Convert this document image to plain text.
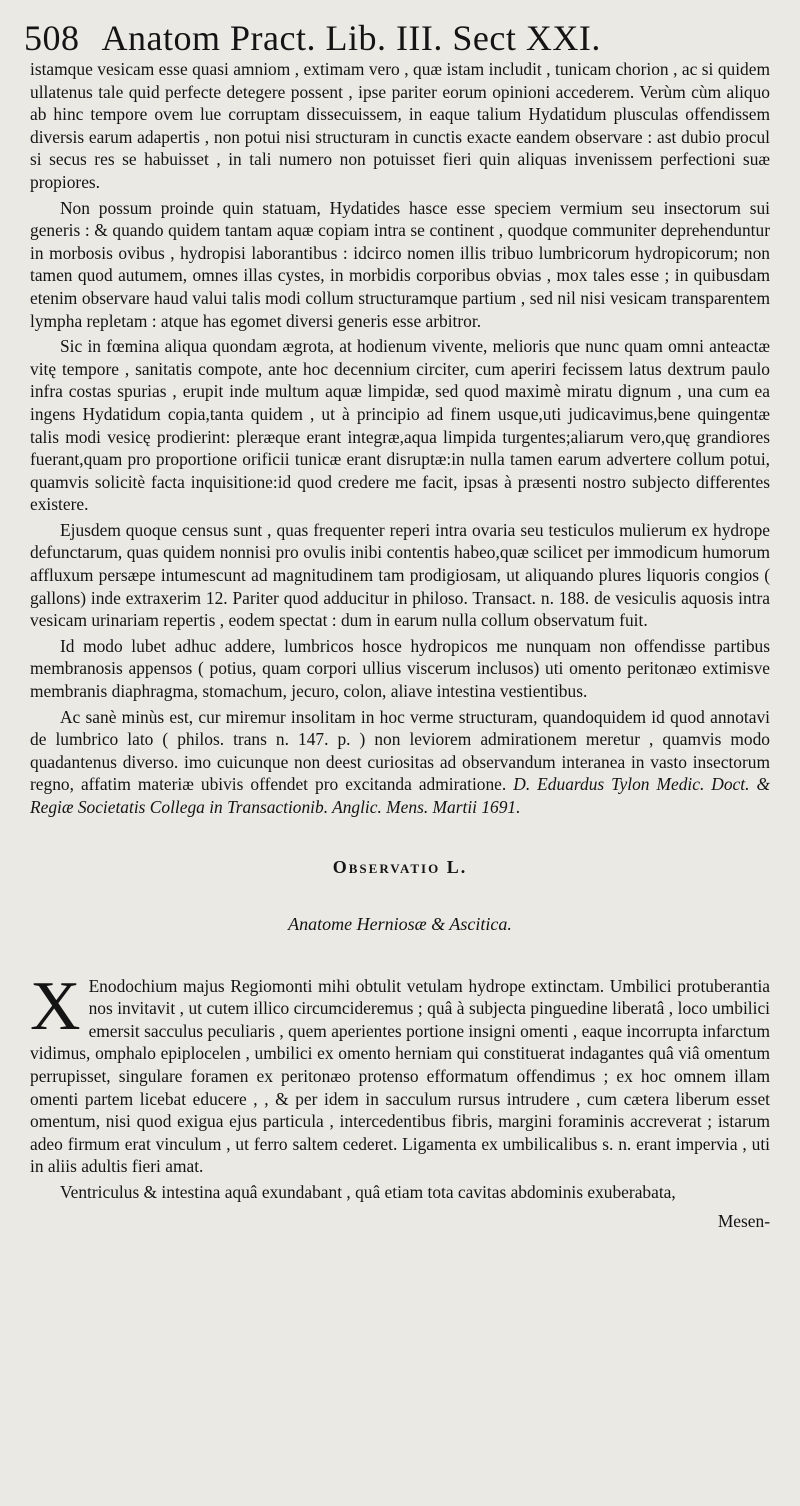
508 Anatom Pract. Lib. III. Sect XXI.

istamque vesicam esse quasi amniom , extimam vero , quæ istam includit , tunicam chorion , ac si quidem ullatenus tale quid perfecte detegere possent , ipse pariter eorum opinioni accederem. Verùm cùm aliquo ab hinc tempore ovem lue corruptam dissecuissem, in eaque talium Hydatidum plusculas offendissem diversis earum adapertis , non potui nisi structuram in cunctis exacte eandem observare : ast dubio procul si secus res se habuisset , in tali numero non potuisset fieri quin aliquas invenissem perfectioni suæ propiores.

Non possum proinde quin statuam, Hydatides hasce esse speciem vermium seu insectorum sui generis : & quando quidem tantam aquæ copiam intra se continent , quodque communiter deprehenduntur in morbosis ovibus , hydropisi laborantibus : idcirco nomen illis tribuo lumbricorum hydropicorum; non tamen quod autumem, omnes illas cystes, in morbidis corporibus obvias , mox tales esse ; in quibusdam etenim observare haud valui talis modi collum structuramque partium , sed nil nisi vesicam transparentem lympha repletam : atque has egomet diversi generis esse arbitror.

Sic in fœmina aliqua quondam ægrota, at hodienum vivente, melioris que nunc quam omni anteactæ vitę tempore , sanitatis compote, ante hoc decennium circiter, cum aperiri fecissem latus dextrum paulo infra costas spurias , erupit inde multum aquæ limpidæ, sed quod maximè miratu dignum , una cum ea ingens Hydatidum copia,tanta quidem , ut à principio ad finem usque,uti judicavimus,bene quingentæ talis modi vesicę prodierint: pleræque erant integræ,aqua limpida turgentes;aliarum vero,quę grandiores fuerant,quam pro proportione orificii tunicæ erant disruptæ:in nulla tamen earum advertere collum potui, quamvis solicitè facta inquisitione:id quod credere me facit, ipsas à præsenti nostro subjecto differentes existere.

Ejusdem quoque census sunt , quas frequenter reperi intra ovaria seu testiculos mulierum ex hydrope defunctarum, quas quidem nonnisi pro ovulis inibi contentis habeo,quæ scilicet per immodicum humorum affluxum persæpe intumescunt ad magnitudinem tam prodigiosam, ut aliquando plures liquoris congios ( gallons) inde extraxerim 12. Pariter quod adducitur in philoso. Transact. n. 188. de vesiculis aquosis intra vesicam urinariam repertis , eodem spectat : dum in earum nulla collum observatum fuit.

Id modo lubet adhuc addere, lumbricos hosce hydropicos me nunquam non offendisse partibus membranosis appensos ( potius, quam corpori ullius viscerum inclusos) uti omento peritonæo extimisve membranis diaphragma, stomachum, jecuro, colon, aliave intestina vestientibus.

Ac sanè minùs est, cur miremur insolitam in hoc verme structuram, quandoquidem id quod annotavi de lumbrico lato ( philos. trans n. 147. p. ) non leviorem admirationem meretur , quamvis modo quadantenus diverso. imo cuicunque non deest curiositas ad observandum interanea in vasto insectorum regno, affatim materiæ ubivis offendet pro excitanda admiratione. D. Eduardus Tylon Medic. Doct. & Regiæ Societatis Collega in Transactionib. Anglic. Mens. Martii 1691.

Observatio L.
Anatome Herniosæ & Ascitica.
X Enodochium majus Regiomonti mihi obtulit vetulam hydrope extinctam. Umbilici protuberantia nos invitavit , ut cutem illico circumcideremus ; quâ à subjecta pinguedine liberatâ , loco umbilici emersit sacculus peculiaris , quem aperientes portione insigni omenti , eaque incorrupta infarctum vidimus, omphalo epiplocelen , umbilici ex omento herniam qui constituerat indagantes quâ viâ omentum perrupisset, singulare foramen ex peritonæo protenso efformatum offendimus ; ex hoc omnem illam omenti partem licebat educere , , & per idem in sacculum rursus intrudere , cum cætera liberum esset omentum, nisi quod exigua ejus particula , intercedentibus fibris, margini foraminis accreverat ; istarum adeo firmum erat vinculum , ut ferro saltem cederet. Ligamenta ex umbilicalibus s. n. erant impervia , uti in aliis adultis fieri amat.

Ventriculus & intestina aquâ exundabant , quâ etiam tota cavitas abdominis exuberabata,

Mesen-
